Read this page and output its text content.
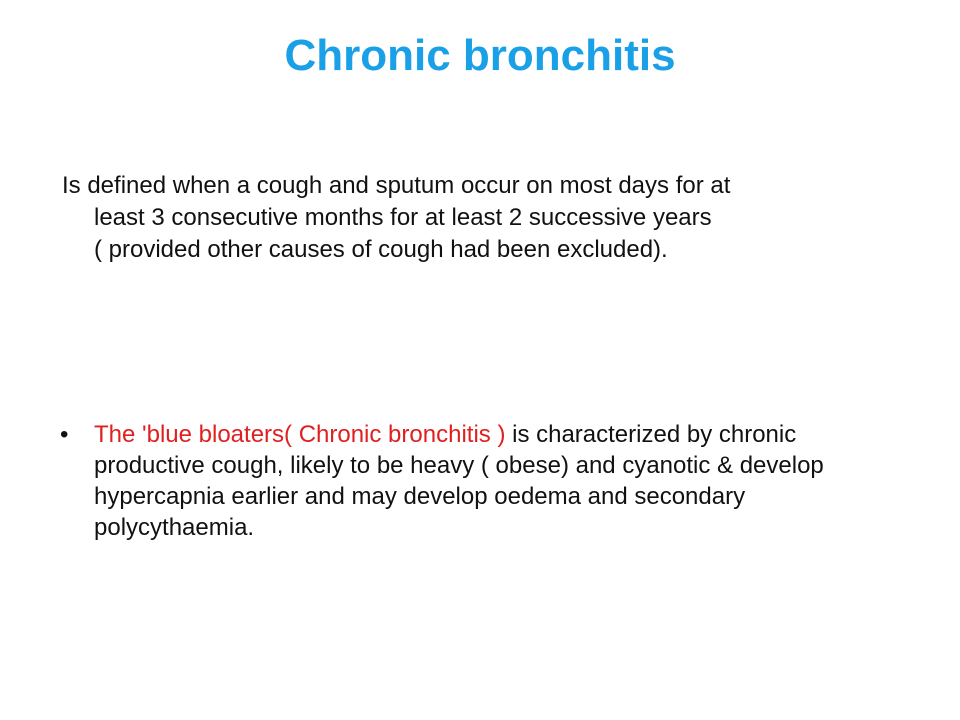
Chronic bronchitis

Is defined when a cough and sputum occur on most days for at
least 3 consecutive months for at least 2 successive years
( provided other causes of cough had been excluded).

• The 'blue bloaters( Chronic bronchitis ) is characterized by chronic productive cough, likely to be heavy ( obese) and cyanotic & develop hypercapnia earlier and may develop oedema and secondary polycythaemia.
